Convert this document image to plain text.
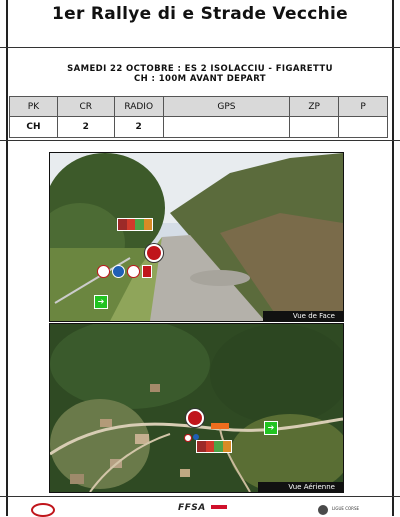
1er Rallye di e Strade Vecchie
SAMEDI 22 OCTOBRE : ES 2 ISOLACCIU - FIGARETTU
CH : 100M AVANT DEPART
PK	CR	RADIO	GPS	ZP	P
CH	2	2			
➔
Vue de Face
➔
Vue Aérienne
FFSA	LIGUE CORSE
